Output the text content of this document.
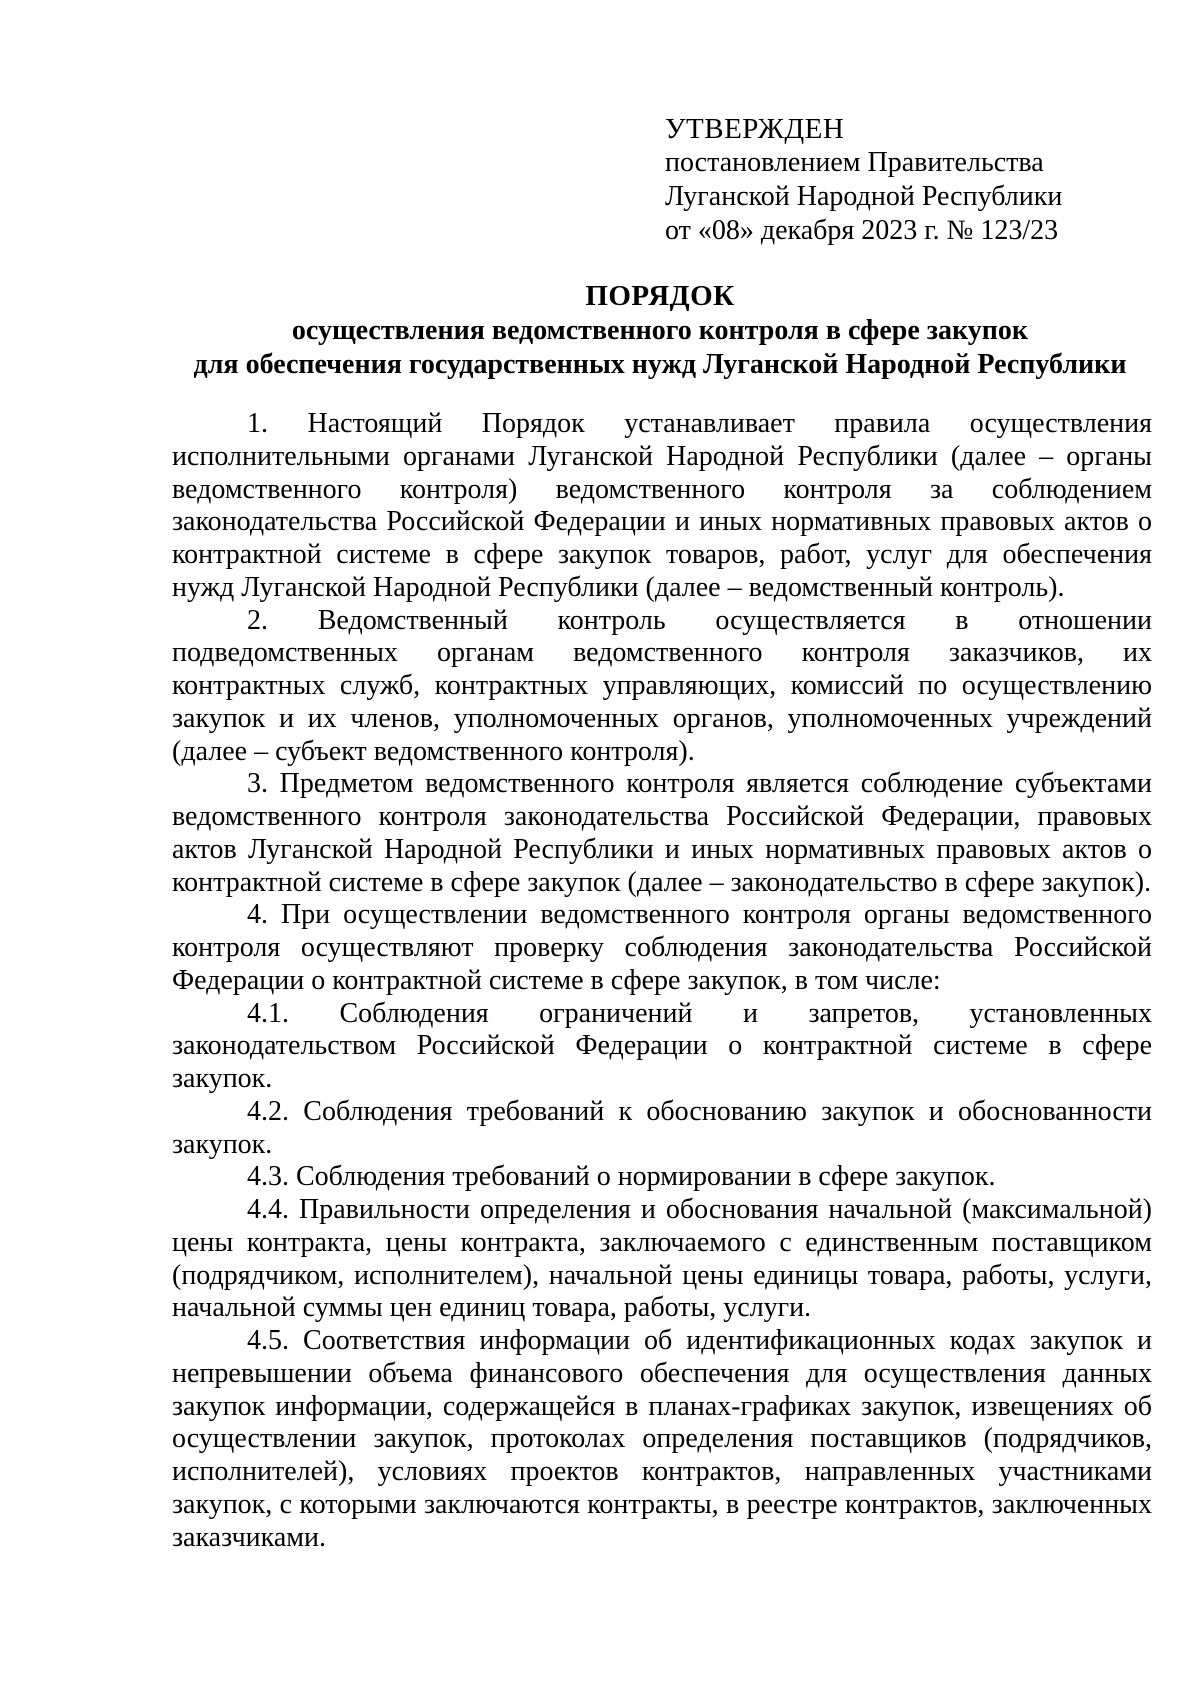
УТВЕРЖДЕН
постановлением Правительства
Луганской Народной Республики
от «08» декабря 2023 г. № 123/23
ПОРЯДОК
осуществления ведомственного контроля в сфере закупок
для обеспечения государственных нужд Луганской Народной Республики

1. Настоящий Порядок устанавливает правила осуществления исполнительными органами Луганской Народной Республики (далее – органы ведомственного контроля) ведомственного контроля за соблюдением законодательства Российской Федерации и иных нормативных правовых актов о контрактной системе в сфере закупок товаров, работ, услуг для обеспечения нужд Луганской Народной Республики (далее – ведомственный контроль).

2. Ведомственный контроль осуществляется в отношении подведомственных органам ведомственного контроля заказчиков, их контрактных служб, контрактных управляющих, комиссий по осуществлению закупок и их членов, уполномоченных органов, уполномоченных учреждений (далее – субъект ведомственного контроля).

3. Предметом ведомственного контроля является соблюдение субъектами ведомственного контроля законодательства Российской Федерации, правовых актов Луганской Народной Республики и иных нормативных правовых актов о контрактной системе в сфере закупок (далее – законодательство в сфере закупок).

4. При осуществлении ведомственного контроля органы ведомственного контроля осуществляют проверку соблюдения законодательства Российской Федерации о контрактной системе в сфере закупок, в том числе:

4.1. Соблюдения ограничений и запретов, установленных законодательством Российской Федерации о контрактной системе в сфере закупок.

4.2. Соблюдения требований к обоснованию закупок и обоснованности закупок.

4.3. Соблюдения требований о нормировании в сфере закупок.

4.4. Правильности определения и обоснования начальной (максимальной) цены контракта, цены контракта, заключаемого с единственным поставщиком (подрядчиком, исполнителем), начальной цены единицы товара, работы, услуги, начальной суммы цен единиц товара, работы, услуги.

4.5. Соответствия информации об идентификационных кодах закупок и непревышении объема финансового обеспечения для осуществления данных закупок информации, содержащейся в планах-графиках закупок, извещениях об осуществлении закупок, протоколах определения поставщиков (подрядчиков, исполнителей), условиях проектов контрактов, направленных участниками закупок, с которыми заключаются контракты, в реестре контрактов, заключенных заказчиками.
